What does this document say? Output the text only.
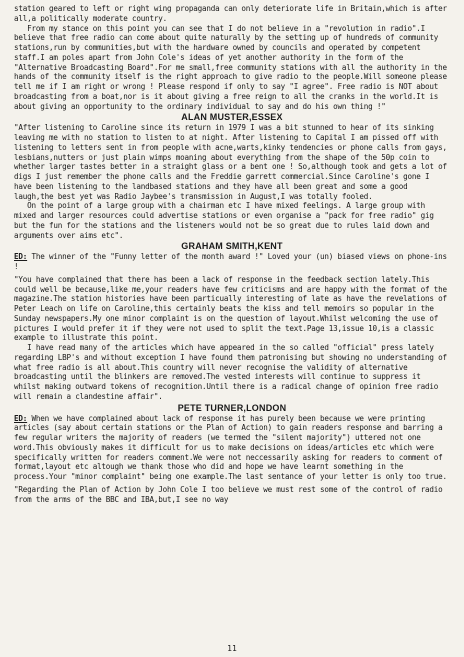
station geared to left or right wing propaganda can only deteriorate life in Britain,which is after all,a politically moderate country.

From my stance on this point you can see that I do not believe in a "revolution in radio".I believe that free radio can come about quite naturally by the setting up of hundreds of community stations,run by communities,but with the hardware owned by councils and operated by competent staff.I am poles apart from John Cole's ideas of yet another authority in the form of the "Alternative Broadcasting Board".For me small,free community stations with all the authority in the hands of the community itself is the right approach to give radio to the people.Will someone please tell me if I am right or wrong ! Please respond if only to say "I agree". Free radio is NOT about broadcasting from a boat,nor is it about giving a free reign to all the cranks in the world.It is about giving an opportunity to the ordinary individual to say and do his own thing !"

ALAN MUSTER,ESSEX

"After listening to Caroline since its return in 1979 I was a bit stunned to hear of its sinking leaving me with no station to listen to at night. After listening to Capital I am pissed off with listening to letters sent in from people with acne,warts,kinky tendencies or phone calls from gays, lesbians,nutters or just plain wimps moaning about everything from the shape of the 50p coin to whether larger tastes better in a straight glass or a bent one ! So,although took and gets a lot of digs I just remember the phone calls and the Freddie garrett commercial.Since Caroline's gone I have been listening to the landbased stations and they have all been great and some a good laugh,the best yet was Radio Jaybee's transmission in August,I was totally fooled.

On the point of a large group with a chairman etc I have mixed feelings. A large group with mixed and larger resources could advertise stations or even organise a "pack for free radio" gig but the fun for the stations and the listeners would not be so great due to rules laid down and arguments over aims etc".

GRAHAM SMITH,KENT

ED: The winner of the "Funny letter of the month award !" Loved your (un) biased views on phone-ins !

"You have complained that there has been a lack of response in the feedback section lately.This could well be because,like me,your readers have few criticisms and are happy with the format of the magazine.The station histories have been particually interesting of late as have the revelations of Peter Leach on life on Caroline,this certainly beats the kiss and tell memoirs so popular in the Sunday newspapers.My one minor complaint is on the question of layout.Whilst welcoming the use of pictures I would prefer it if they were not used to split the text.Page 13,issue 10,is a classic example to illustrate this point.

I have read many of the articles which have appeared in the so called "official" press lately regarding LBP's and without exception I have found them patronising but showing no understanding of what free radio is all about.This country will never recognise the validity of alternative broadcasting until the blinkers are removed.The vested interests will continue to suppress it whilst making outward tokens of recognition.Until there is a radical change of opinion free radio will remain a clandestine affair".

PETE TURNER,LONDON

ED: When we have complained about lack of response it has purely been because we were printing articles (say about certain stations or the Plan of Action) to gain readers response and barring a few regular writers the majority of readers (we termed the "silent majority") uttered not one word.This obviously makes it difficult for us to make decisions on ideas/articles etc which were specifically written for readers comment.We were not neccessarily asking for readers to comment of format,layout etc altough we thank those who did and hope we have learnt something in the process.Your "minor complaint" being one example.The last sentance of your letter is only too true.

"Regarding the Plan of Action by John Cole I too believe we must rest some of the control of radio from the arms of the BBC and IBA,but,I see no way

11
